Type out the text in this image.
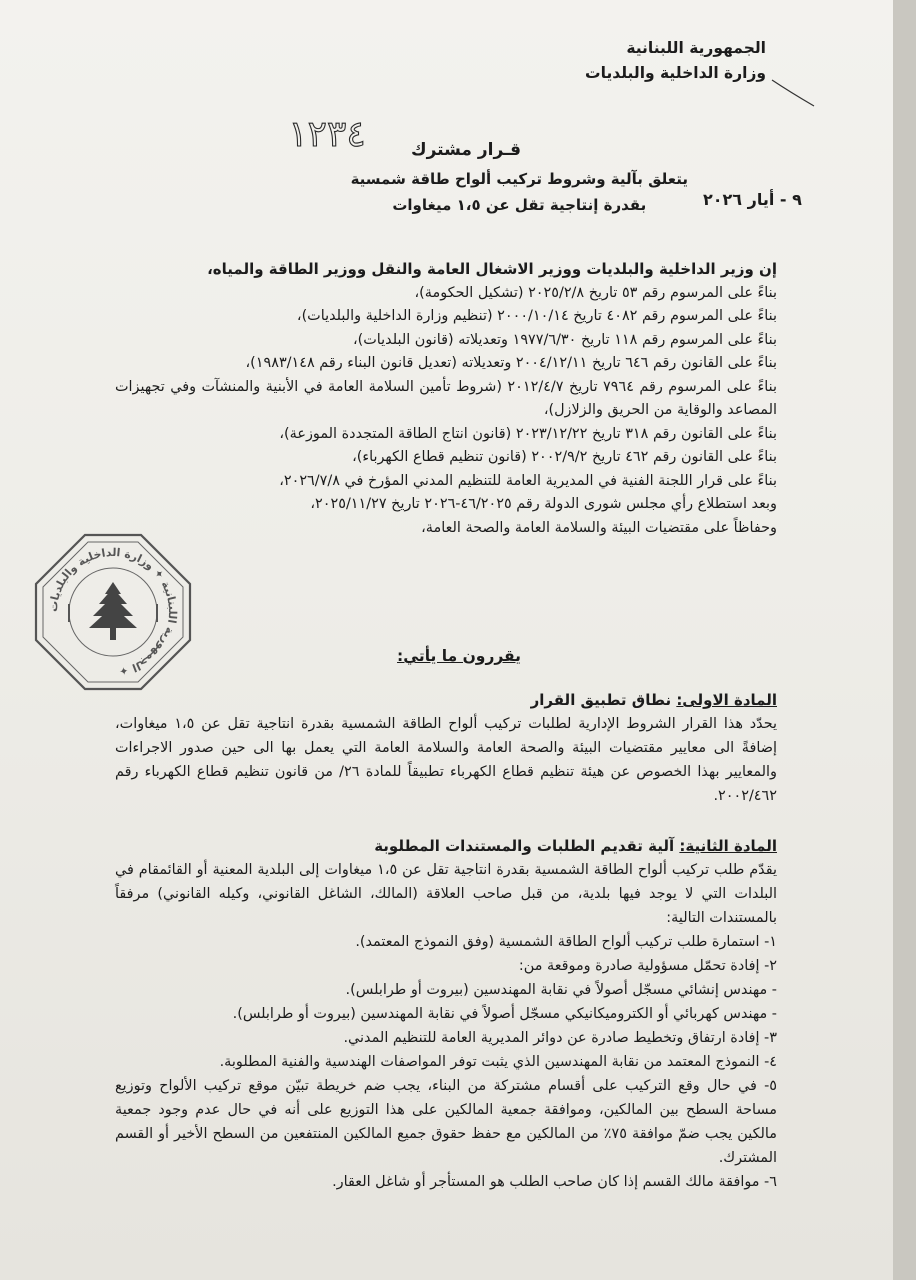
الجمهورية اللبنانية
وزارة الداخلية والبلديات
١٢٣٤	قـرار مشترك
يتعلق بآلية وشروط تركيب ألواح طاقة شمسية
بقدرة إنتاجية تقل عن ١،٥ ميغاوات	٩ - أيار ٢٠٢٦
إن وزير الداخلية والبلديات ووزير الاشغال العامة والنقل ووزير الطاقة والمياه،
بناءً على المرسوم رقم ٥٣ تاريخ ٢٠٢٥/٢/٨ (تشكيل الحكومة)،
بناءً على المرسوم رقم ٤٠٨٢ تاريخ ٢٠٠٠/١٠/١٤ (تنظيم وزارة الداخلية والبلديات)،
بناءً على المرسوم رقم ١١٨ تاريخ ١٩٧٧/٦/٣٠ وتعديلاته (قانون البلديات)،
بناءً على القانون رقم ٦٤٦ تاريخ ٢٠٠٤/١٢/١١ وتعديلاته (تعديل قانون البناء رقم ١٩٨٣/١٤٨)،
بناءً على المرسوم رقم ٧٩٦٤ تاريخ ٢٠١٢/٤/٧ (شروط تأمين السلامة العامة في الأبنية والمنشآت وفي تجهيزات المصاعد والوقاية من الحريق والزلازل)،
بناءً على القانون رقم ٣١٨ تاريخ ٢٠٢٣/١٢/٢٢ (قانون انتاج الطاقة المتجددة الموزعة)،
بناءً على القانون رقم ٤٦٢ تاريخ ٢٠٠٢/٩/٢ (قانون تنظيم قطاع الكهرباء)،
بناءً على قرار اللجنة الفنية في المديرية العامة للتنظيم المدني المؤرخ في ٢٠٢٦/٧/٨،
وبعد استطلاع رأي مجلس شورى الدولة رقم ٤٦/٢٠٢٥-٢٠٢٦ تاريخ ٢٠٢٥/١١/٢٧،
وحفاظاً على مقتضيات البيئة والسلامة العامة والصحة العامة،
الجمهورية اللبنانية ✦ وزارة الداخلية والبلديات ✦
يقررون ما يأتي:
المادة الاولى: نطاق تطبيق القرار
يحدّد هذا القرار الشروط الإدارية لطلبات تركيب ألواح الطاقة الشمسية بقدرة انتاجية تقل عن ١،٥ ميغاوات، إضافةً الى معايير مقتضيات البيئة والصحة العامة والسلامة العامة التي يعمل بها الى حين صدور الاجراءات والمعايير بهذا الخصوص عن هيئة تنظيم قطاع الكهرباء تطبيقاً للمادة ٢٦/ من قانون تنظيم قطاع الكهرباء رقم ٢٠٠٢/٤٦٢.
المادة الثانية: آلية تقديم الطلبات والمستندات المطلوبة
يقدّم طلب تركيب ألواح الطاقة الشمسية بقدرة انتاجية تقل عن ١،٥ ميغاوات إلى البلدية المعنية أو القائمقام في البلدات التي لا يوجد فيها بلدية، من قبل صاحب العلاقة (المالك، الشاغل القانوني، وكيله القانوني) مرفقاً بالمستندات التالية:
١- استمارة طلب تركيب ألواح الطاقة الشمسية (وفق النموذج المعتمد).
٢- إفادة تحمّل مسؤولية صادرة وموقعة من:
- مهندس إنشائي مسجّل أصولاً في نقابة المهندسين (بيروت أو طرابلس).
- مهندس كهربائي أو الكتروميكانيكي مسجّل أصولاً في نقابة المهندسين (بيروت أو طرابلس).
٣- إفادة ارتفاق وتخطيط صادرة عن دوائر المديرية العامة للتنظيم المدني.
٤- النموذج المعتمد من نقابة المهندسين الذي يثبت توفر المواصفات الهندسية والفنية المطلوبة.
٥- في حال وقع التركيب على أقسام مشتركة من البناء، يجب ضم خريطة تبيّن موقع تركيب الألواح وتوزيع مساحة السطح بين المالكين، وموافقة جمعية المالكين على هذا التوزيع على أنه في حال عدم وجود جمعية مالكين يجب ضمّ موافقة ٧٥٪ من المالكين مع حفظ حقوق جميع المالكين المنتفعين من السطح الأخير أو القسم المشترك.
٦- موافقة مالك القسم إذا كان صاحب الطلب هو المستأجر أو شاغل العقار.
